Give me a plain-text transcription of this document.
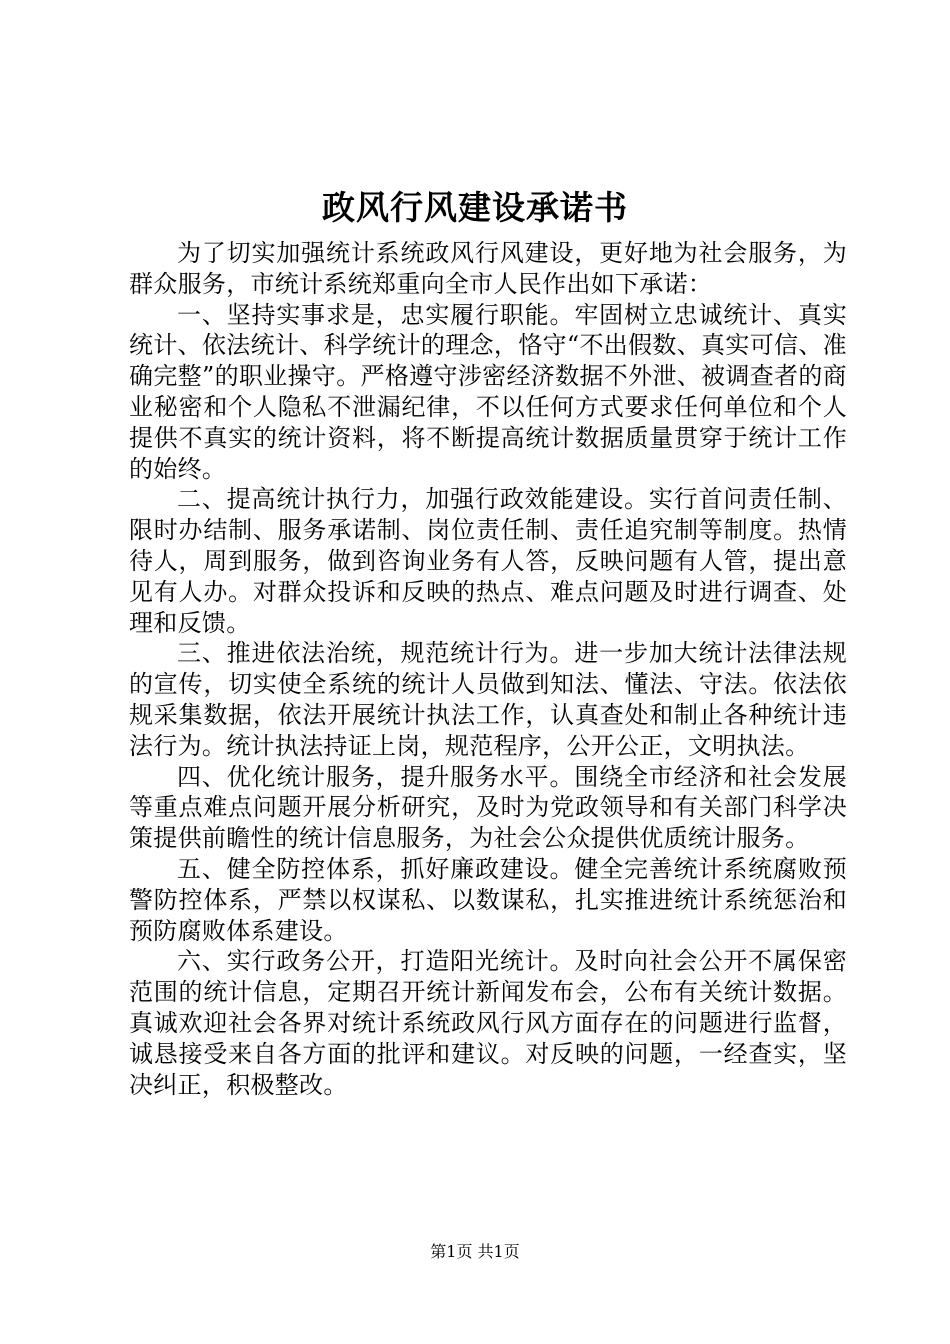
政风行风建设承诺书

为了切实加强统计系统政风行风建设，更好地为社会服务，为群众服务，市统计系统郑重向全市人民作出如下承诺：

一、坚持实事求是，忠实履行职能。牢固树立忠诚统计、真实统计、依法统计、科学统计的理念，恪守“不出假数、真实可信、准确完整”的职业操守。严格遵守涉密经济数据不外泄、被调查者的商业秘密和个人隐私不泄漏纪律，不以任何方式要求任何单位和个人提供不真实的统计资料，将不断提高统计数据质量贯穿于统计工作的始终。

二、提高统计执行力，加强行政效能建设。实行首问责任制、限时办结制、服务承诺制、岗位责任制、责任追究制等制度。热情待人，周到服务，做到咨询业务有人答，反映问题有人管，提出意见有人办。对群众投诉和反映的热点、难点问题及时进行调查、处理和反馈。

三、推进依法治统，规范统计行为。进一步加大统计法律法规的宣传，切实使全系统的统计人员做到知法、懂法、守法。依法依规采集数据，依法开展统计执法工作，认真查处和制止各种统计违法行为。统计执法持证上岗，规范程序，公开公正，文明执法。

四、优化统计服务，提升服务水平。围绕全市经济和社会发展等重点难点问题开展分析研究，及时为党政领导和有关部门科学决策提供前瞻性的统计信息服务，为社会公众提供优质统计服务。

五、健全防控体系，抓好廉政建设。健全完善统计系统腐败预警防控体系，严禁以权谋私、以数谋私，扎实推进统计系统惩治和预防腐败体系建设。

六、实行政务公开，打造阳光统计。及时向社会公开不属保密范围的统计信息，定期召开统计新闻发布会，公布有关统计数据。真诚欢迎社会各界对统计系统政风行风方面存在的问题进行监督，诚恳接受来自各方面的批评和建议。对反映的问题，一经查实，坚决纠正，积极整改。

第1页 共1页
